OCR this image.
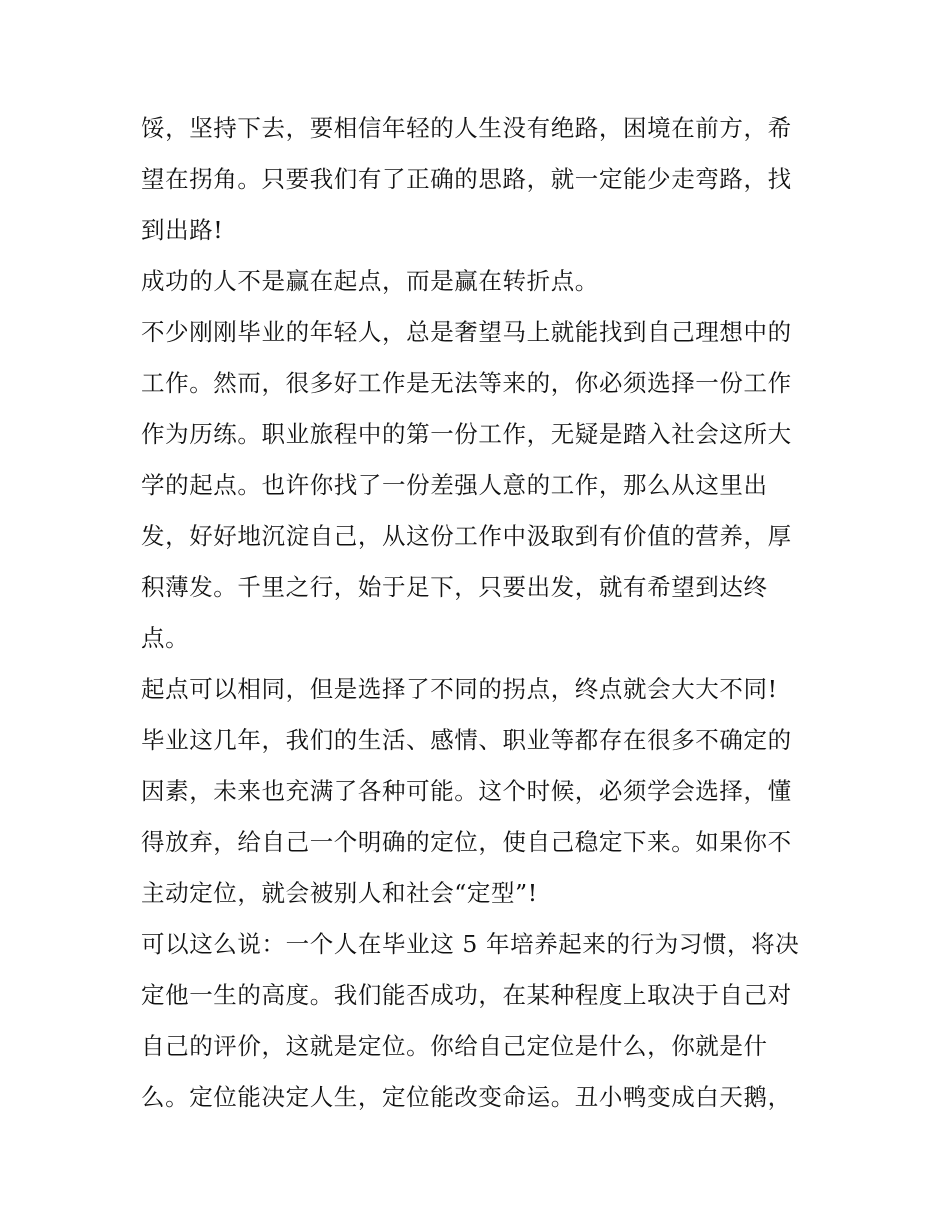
馁，坚持下去，要相信年轻的人生没有绝路，困境在前方，希
望在拐角。只要我们有了正确的思路，就一定能少走弯路，找
到出路!
成功的人不是赢在起点，而是赢在转折点。
不少刚刚毕业的年轻人，总是奢望马上就能找到自己理想中的
工作。然而，很多好工作是无法等来的，你必须选择一份工作
作为历练。职业旅程中的第一份工作，无疑是踏入社会这所大
学的起点。也许你找了一份差强人意的工作，那么从这里出
发，好好地沉淀自己，从这份工作中汲取到有价值的营养，厚
积薄发。千里之行，始于足下，只要出发，就有希望到达终
点。
起点可以相同，但是选择了不同的拐点，终点就会大大不同!
毕业这几年，我们的生活、感情、职业等都存在很多不确定的
因素，未来也充满了各种可能。这个时候，必须学会选择，懂
得放弃，给自己一个明确的定位，使自己稳定下来。如果你不
主动定位，就会被别人和社会“定型”!
可以这么说：一个人在毕业这 5 年培养起来的行为习惯，将决
定他一生的高度。我们能否成功，在某种程度上取决于自己对
自己的评价，这就是定位。你给自己定位是什么，你就是什
么。定位能决定人生，定位能改变命运。丑小鸭变成白天鹅，
